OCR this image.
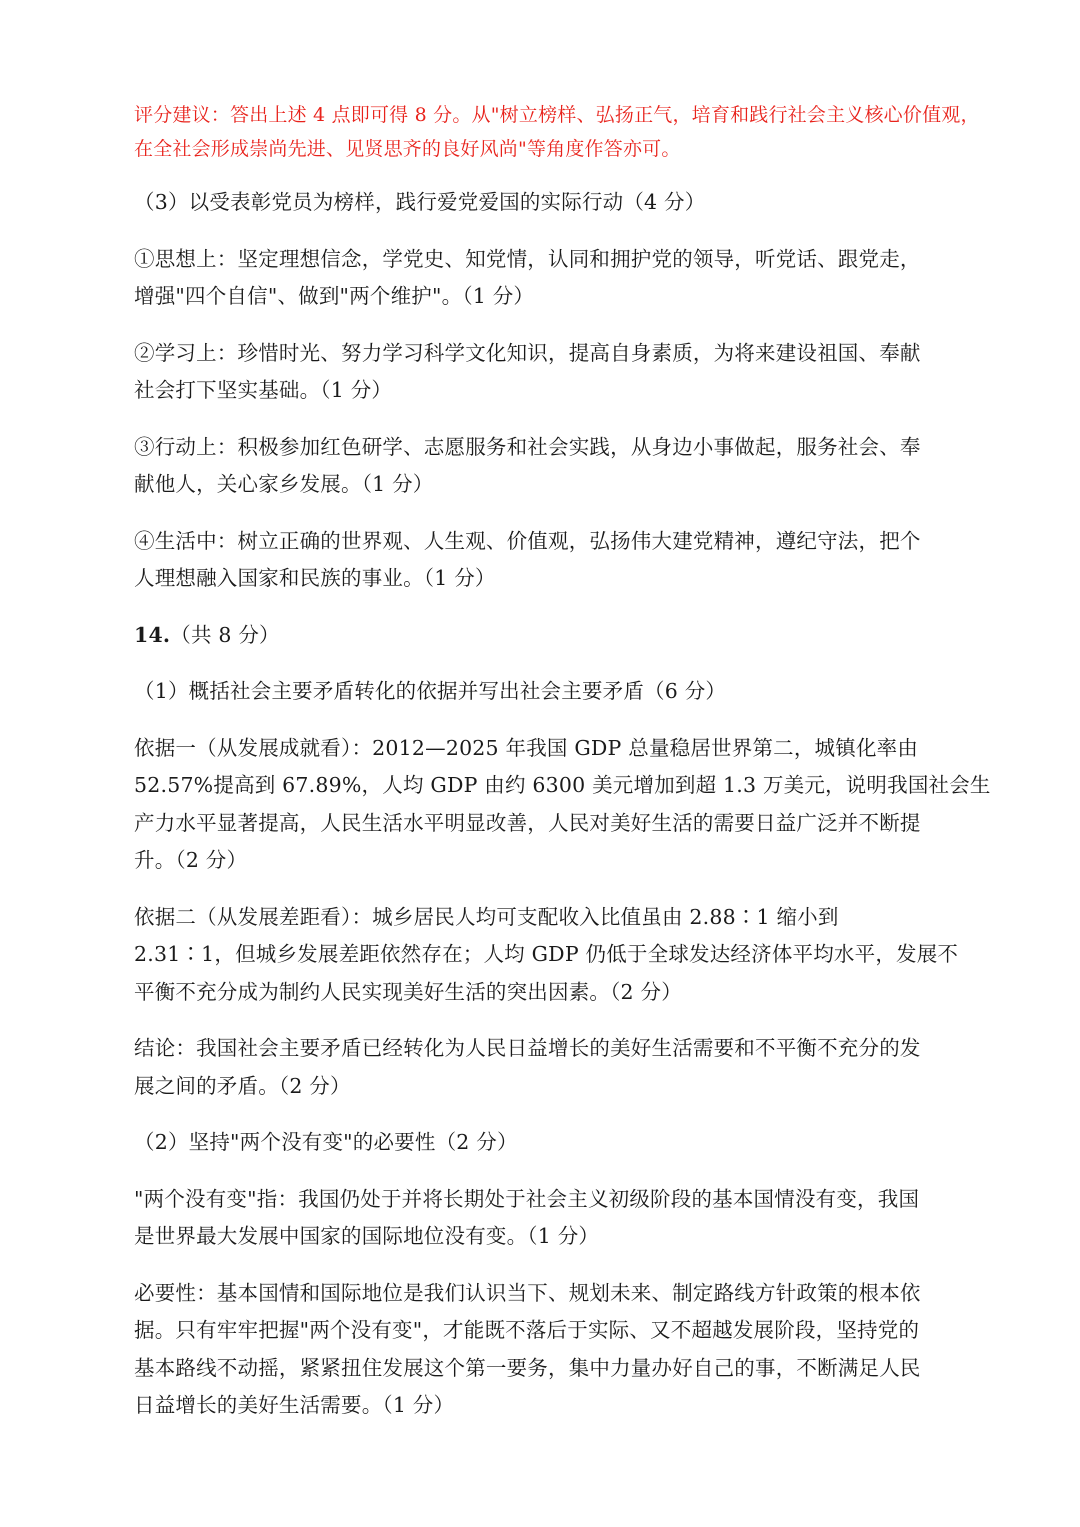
评分建议：答出上述 4 点即可得 8 分。从"树立榜样、弘扬正气，培育和践行社会主义核心价值观，
在全社会形成崇尚先进、见贤思齐的良好风尚"等角度作答亦可。

（3）以受表彰党员为榜样，践行爱党爱国的实际行动（4 分）

①思想上：坚定理想信念，学党史、知党情，认同和拥护党的领导，听党话、跟党走，
增强"四个自信"、做到"两个维护"。（1 分）

②学习上：珍惜时光、努力学习科学文化知识，提高自身素质，为将来建设祖国、奉献
社会打下坚实基础。（1 分）

③行动上：积极参加红色研学、志愿服务和社会实践，从身边小事做起，服务社会、奉
献他人，关心家乡发展。（1 分）

④生活中：树立正确的世界观、人生观、价值观，弘扬伟大建党精神，遵纪守法，把个
人理想融入国家和民族的事业。（1 分）

14.（共 8 分）

（1）概括社会主要矛盾转化的依据并写出社会主要矛盾（6 分）

依据一（从发展成就看）：2012—2025 年我国 GDP 总量稳居世界第二，城镇化率由
52.57%提高到 67.89%，人均 GDP 由约 6300 美元增加到超 1.3 万美元，说明我国社会生
产力水平显著提高，人民生活水平明显改善，人民对美好生活的需要日益广泛并不断提
升。（2 分）

依据二（从发展差距看）：城乡居民人均可支配收入比值虽由 2.88∶1 缩小到
2.31∶1，但城乡发展差距依然存在；人均 GDP 仍低于全球发达经济体平均水平，发展不
平衡不充分成为制约人民实现美好生活的突出因素。（2 分）

结论：我国社会主要矛盾已经转化为人民日益增长的美好生活需要和不平衡不充分的发
展之间的矛盾。（2 分）

（2）坚持"两个没有变"的必要性（2 分）

"两个没有变"指：我国仍处于并将长期处于社会主义初级阶段的基本国情没有变，我国
是世界最大发展中国家的国际地位没有变。（1 分）

必要性：基本国情和国际地位是我们认识当下、规划未来、制定路线方针政策的根本依
据。只有牢牢把握"两个没有变"，才能既不落后于实际、又不超越发展阶段，坚持党的
基本路线不动摇，紧紧扭住发展这个第一要务，集中力量办好自己的事，不断满足人民
日益增长的美好生活需要。（1 分）
